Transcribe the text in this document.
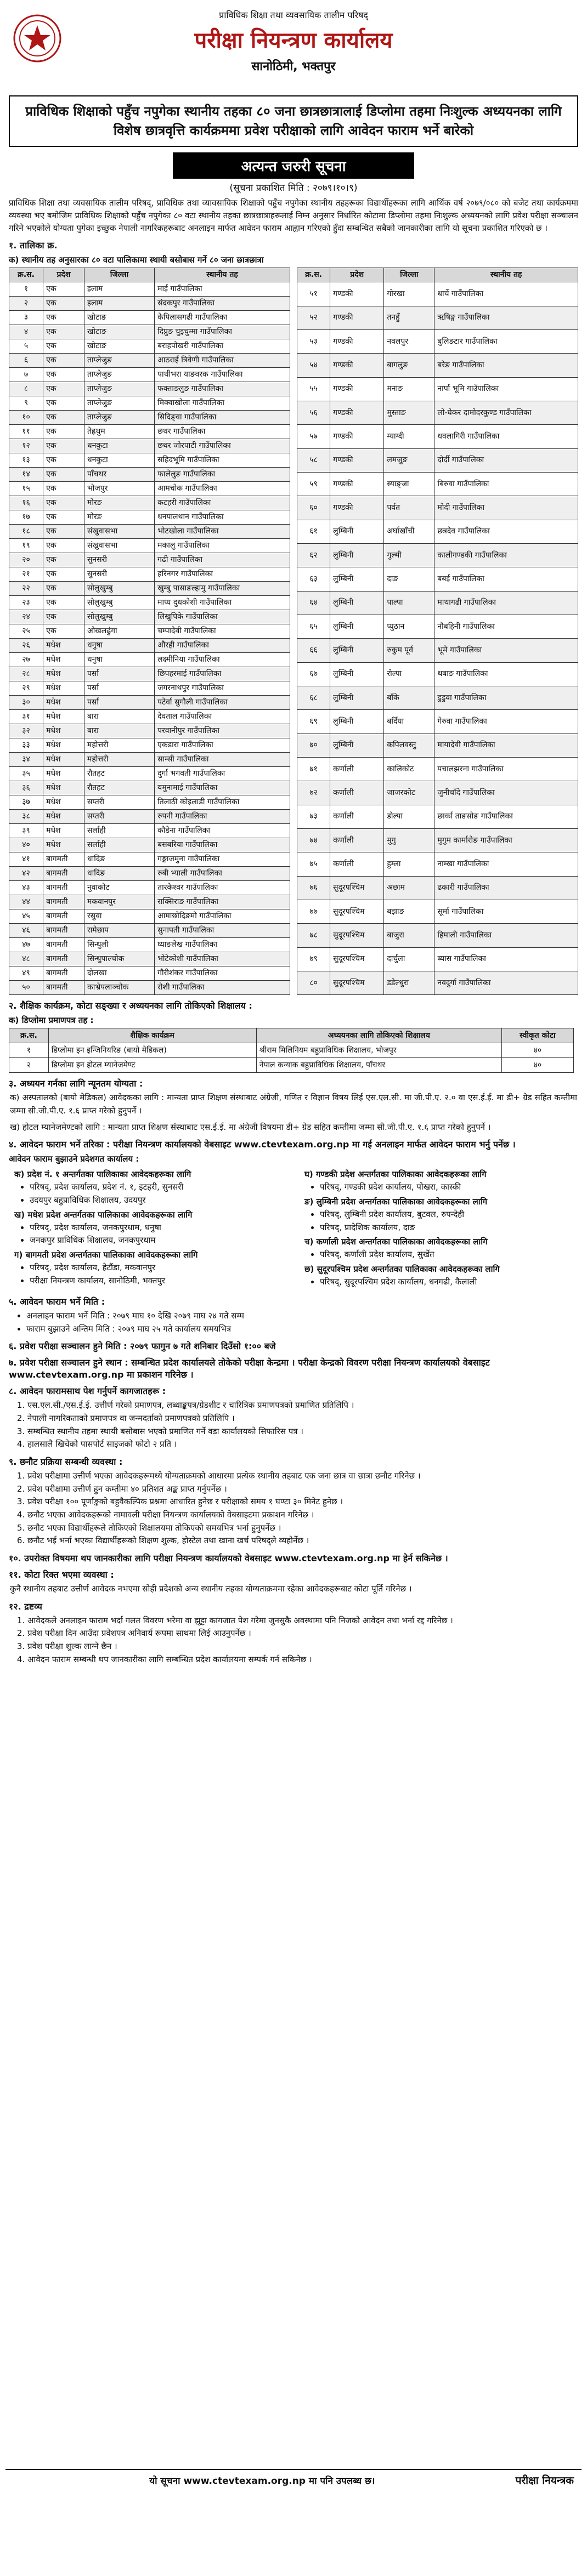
प्राविधिक शिक्षा तथा व्यवसायिक तालीम परिषद्
परीक्षा नियन्त्रण कार्यालय
सानोठिमी, भक्तपुर
प्राविधिक शिक्षाको पहुँच नपुगेका स्थानीय तहका ८० जना छात्रछात्रालाई डिप्लोमा तहमा निःशुल्क अध्ययनका लागि विशेष छात्रवृत्ति कार्यक्रममा प्रवेश परीक्षाको लागि आवेदन फाराम भर्ने बारेको
अत्यन्त जरुरी सूचना
(सूचना प्रकाशित मिति : २०७९।१०।९)
प्राविधिक शिक्षा तथा व्यवसायिक तालीम परिषद्, प्राविधिक तथा व्यावसायिक शिक्षाको पहुँच नपुगेका स्थानीय तहहरूका विद्यार्थीहरूका लागि आर्थिक वर्ष २०७९/०८० को बजेट तथा कार्यक्रममा व्यवस्था भए बमोजिम प्राविधिक शिक्षाको पहुँच नपुगेका ८० वटा स्थानीय तहका छात्रछात्राहरूलाई निम्न अनुसार निर्धारित कोटामा डिप्लोमा तहमा निःशुल्क अध्ययनको लागि प्रवेश परीक्षा सञ्चालन गरिने भएकोले योग्यता पुगेका इच्छुक नेपाली नागरिकहरूबाट अनलाइन मार्फत आवेदन फाराम आह्वान गरिएको हुँदा सम्बन्धित सबैको जानकारीका लागि यो सूचना प्रकाशित गरिएको छ ।
१. तालिका क्र.
क) स्थानीय तह अनुसारका ८० वटा पालिकामा स्थायी बसोबास गर्ने ८० जना छात्रछात्रा
क्र.स.	प्रदेश	जिल्ला	स्थानीय तह
१	एक	इलाम	माई गाउँपालिका
२	एक	इलाम	संदकपुर गाउँपालिका
३	एक	खोटाङ	केपिलासगढी गाउँपालिका
४	एक	खोटाङ	दिप्रुङ चुइचुम्मा गाउँपालिका
५	एक	खोटाङ	बराहपोखरी गाउँपालिका
६	एक	ताप्लेजुङ	आठराई त्रिवेणी गाउँपालिका
७	एक	ताप्लेजुङ	पाथीभरा याङवरक गाउँपालिका
८	एक	ताप्लेजुङ	फक्ताङलुङ गाउँपालिका
९	एक	ताप्लेजुङ	मिक्वाखोला गाउँपालिका
१०	एक	ताप्लेजुङ	सिदिङ्वा गाउँपालिका
११	एक	तेह्रथुम	छथर गाउँपालिका
१२	एक	धनकुटा	छथर जोरपाटी गाउँपालिका
१३	एक	धनकुटा	सहिदभूमि गाउँपालिका
१४	एक	पाँचथर	फालेलुङ गाउँपालिका
१५	एक	भोजपुर	आमचोक गाउँपालिका
१६	एक	मोरङ	कटहरी गाउँपालिका
१७	एक	मोरङ	धनपालथान गाउँपालिका
१८	एक	संखुवासभा	भोटखोला गाउँपालिका
१९	एक	संखुवासभा	मकालु गाउँपालिका
२०	एक	सुनसरी	गढी गाउँपालिका
२१	एक	सुनसरी	हरिनगर गाउँपालिका
२२	एक	सोलुखुम्बु	खुम्बु पासाङल्हामु गाउँपालिका
२३	एक	सोलुखुम्बु	माप्य दुधकोशी गाउँपालिका
२४	एक	सोलुखुम्बु	लिखुपिके गाउँपालिका
२५	एक	ओखलढुंगा	चम्पादेवी गाउँपालिका
२६	मधेश	धनुषा	औरही गाउँपालिका
२७	मधेश	धनुषा	लक्ष्मीनिया गाउँपालिका
२८	मधेश	पर्सा	छिपहरमाई गाउँपालिका
२९	मधेश	पर्सा	जगरनाथपुर गाउँपालिका
३०	मधेश	पर्सा	पटेर्वा सुगौली गाउँपालिका
३१	मधेश	बारा	देवताल गाउँपालिका
३२	मधेश	बारा	परवानीपुर गाउँपालिका
३३	मधेश	महोत्तरी	एकडारा गाउँपालिका
३४	मधेश	महोत्तरी	साम्सी गाउँपालिका
३५	मधेश	रौतहट	दुर्गा भगवती गाउँपालिका
३६	मधेश	रौतहट	यमुनामाई गाउँपालिका
३७	मधेश	सप्तरी	तिलाठी कोइलाडी गाउँपालिका
३८	मधेश	सप्तरी	रुपनी गाउँपालिका
३९	मधेश	सर्लाही	कौडेना गाउँपालिका
४०	मधेश	सर्लाही	बसबरिया गाउँपालिका
४१	बागमती	धादिङ	गङ्गाजमुना गाउँपालिका
४२	बागमती	धादिङ	रुबी भ्याली गाउँपालिका
४३	बागमती	नुवाकोट	तारकेश्वर गाउँपालिका
४४	बागमती	मकवानपुर	राक्सिराङ गाउँपालिका
४५	बागमती	रसुवा	आमाछोदिङमो गाउँपालिका
४६	बागमती	रामेछाप	सुनापती गाउँपालिका
४७	बागमती	सिन्धुली	घ्याङलेख गाउँपालिका
४८	बागमती	सिन्धुपाल्चोक	भोटेकोशी गाउँपालिका
४९	बागमती	दोलखा	गौरीशंकर गाउँपालिका
५०	बागमती	काभ्रेपलाञ्चोक	रोशी गाउँपालिका
क्र.स.	प्रदेश	जिल्ला	स्थानीय तह
५१	गण्डकी	गोरखा	धार्चे गाउँपालिका
५२	गण्डकी	तनहुँ	ऋषिङ्ग गाउँपालिका
५३	गण्डकी	नवलपुर	बुलिङटार गाउँपालिका
५४	गण्डकी	बागलुङ	बरेङ गाउँपालिका
५५	गण्डकी	मनाङ	नार्पा भूमि गाउँपालिका
५६	गण्डकी	मुस्ताङ	लो-घेकर दामोदरकुण्ड गाउँपालिका
५७	गण्डकी	म्याग्दी	धवलागिरी गाउँपालिका
५८	गण्डकी	लमजुङ	दोर्दी गाउँपालिका
५९	गण्डकी	स्याङ्जा	बिरुवा गाउँपालिका
६०	गण्डकी	पर्वत	मोदी गाउँपालिका
६१	लुम्बिनी	अर्घाखाँची	छत्रदेव गाउँपालिका
६२	लुम्बिनी	गुल्मी	कालीगण्डकी गाउँपालिका
६३	लुम्बिनी	दाङ	बबई गाउँपालिका
६४	लुम्बिनी	पाल्पा	माथागढी गाउँपालिका
६५	लुम्बिनी	प्युठान	नौबहिनी गाउँपालिका
६६	लुम्बिनी	रुकुम पूर्व	भूमे गाउँपालिका
६७	लुम्बिनी	रोल्पा	थबाङ गाउँपालिका
६८	लुम्बिनी	बाँके	डुडुवा गाउँपालिका
६९	लुम्बिनी	बर्दिया	गेरुवा गाउँपालिका
७०	लुम्बिनी	कपिलवस्तु	मायादेवी गाउँपालिका
७१	कर्णाली	कालिकोट	पचालझरना गाउँपालिका
७२	कर्णाली	जाजरकोट	जुनीचाँदे गाउँपालिका
७३	कर्णाली	डोल्पा	छार्का ताङसोङ गाउँपालिका
७४	कर्णाली	मुगु	मुगुम कार्मारोङ गाउँपालिका
७५	कर्णाली	हुम्ला	नाम्खा गाउँपालिका
७६	सुदूरपश्चिम	अछाम	ढकारी गाउँपालिका
७७	सुदूरपश्चिम	बझाङ	सूर्मा गाउँपालिका
७८	सुदूरपश्चिम	बाजुरा	हिमाली गाउँपालिका
७९	सुदूरपश्चिम	दार्चुला	ब्यास गाउँपालिका
८०	सुदूरपश्चिम	डडेल्धुरा	नवदुर्गा गाउँपालिका
२. शैक्षिक कार्यक्रम, कोटा सङ्ख्या र अध्ययनका लागि तोकिएको शिक्षालय :
क) डिप्लोमा प्रमाणपत्र तह :
क्र.स.	शैक्षिक कार्यक्रम	अध्ययनका लागि तोकिएको शिक्षालय	स्वीकृत कोटा
१	डिप्लोमा इन इन्जिनियरिङ (बायो मेडिकल)	श्रीराम मिलिनियम बहुप्राविधिक शिक्षालय, भोजपुर	४०
२	डिप्लोमा इन होटल म्यानेजमेण्ट	नेपाल कन्याक बहुप्राविधिक शिक्षालय, पाँचथर	४०
३. अध्ययन गर्नका लागि न्यूनतम योग्यता :
क) अस्पतालको (बायो मेडिकल) आवेदकका लागि : मान्यता प्राप्त शिक्षण संस्थाबाट अंग्रेजी, गणित र विज्ञान विषय लिई एस.एल.सी. मा जी.पी.ए. २.० वा एस.ई.ई. मा डी+ ग्रेड सहित कम्तीमा जम्मा सी.जी.पी.ए. १.६ प्राप्त गरेको हुनुपर्ने ।
ख) होटल म्यानेजमेण्टको लागि : मान्यता प्राप्त शिक्षण संस्थाबाट एस.ई.ई. मा अंग्रेजी विषयमा डी+ ग्रेड सहित कम्तीमा जम्मा सी.जी.पी.ए. १.६ प्राप्त गरेको हुनुपर्ने ।
४. आवेदन फाराम भर्ने तरिका : परीक्षा नियन्त्रण कार्यालयको वेबसाइट www.ctevtexam.org.np मा गई अनलाइन मार्फत आवेदन फाराम भर्नु पर्नेछ ।
आवेदन फाराम बुझाउने प्रदेशगत कार्यालय :
क) प्रदेश नं. १ अन्तर्गतका पालिकाका आवेदकहरूका लागि
• परिषद्, प्रदेश कार्यालय, प्रदेश नं. १, इटहरी, सुनसरी
• उदयपुर बहुप्राविधिक शिक्षालय, उदयपुर
ख) मधेश प्रदेश अन्तर्गतका पालिकाका आवेदकहरूका लागि
• परिषद्, प्रदेश कार्यालय, जनकपुरधाम, धनुषा
• जनकपुर प्राविधिक शिक्षालय, जनकपुरधाम
ग) बागमती प्रदेश अन्तर्गतका पालिकाका आवेदकहरूका लागि
• परिषद्, प्रदेश कार्यालय, हेटौंडा, मकवानपुर
• परीक्षा नियन्त्रण कार्यालय, सानोठिमी, भक्तपुर
घ) गण्डकी प्रदेश अन्तर्गतका पालिकाका आवेदकहरूका लागि
• परिषद्, गण्डकी प्रदेश कार्यालय, पोखरा, कास्की
ङ) लुम्बिनी प्रदेश अन्तर्गतका पालिकाका आवेदकहरूका लागि
• परिषद्, लुम्बिनी प्रदेश कार्यालय, बुटवल, रुपन्देही
• परिषद्, प्रादेशिक कार्यालय, दाङ
च) कर्णाली प्रदेश अन्तर्गतका पालिकाका आवेदकहरूका लागि
• परिषद्, कर्णाली प्रदेश कार्यालय, सुर्खेत
छ) सुदूरपश्चिम प्रदेश अन्तर्गतका पालिकाका आवेदकहरूका लागि
• परिषद्, सुदूरपश्चिम प्रदेश कार्यालय, धनगढी, कैलाली
५. आवेदन फाराम भर्ने मिति :
• अनलाइन फाराम भर्ने मिति : २०७९ माघ १० देखि २०७९ माघ २४ गते सम्म
• फाराम बुझाउने अन्तिम मिति : २०७९ माघ २५ गते कार्यालय समयभित्र
६. प्रवेश परीक्षा सञ्चालन हुने मिति : २०७९ फागुन ७ गते शनिबार दिउँसो १:०० बजे
७. प्रवेश परीक्षा सञ्चालन हुने स्थान : सम्बन्धित प्रदेश कार्यालयले तोकेको परीक्षा केन्द्रमा । परीक्षा केन्द्रको विवरण परीक्षा नियन्त्रण कार्यालयको वेबसाइट www.ctevtexam.org.np मा प्रकाशन गरिनेछ ।
८. आवेदन फारामसाथ पेश गर्नुपर्ने कागजातहरू :
1. एस.एल.सी./एस.ई.ई. उत्तीर्ण गरेको प्रमाणपत्र, लब्धाङ्कपत्र/ग्रेडशीट र चारित्रिक प्रमाणपत्रको प्रमाणित प्रतिलिपि ।
2. नेपाली नागरिकताको प्रमाणपत्र वा जन्मदर्ताको प्रमाणपत्रको प्रतिलिपि ।
3. सम्बन्धित स्थानीय तहमा स्थायी बसोबास भएको प्रमाणित गर्ने वडा कार्यालयको सिफारिस पत्र ।
4. हालसालै खिचेको पासपोर्ट साइजको फोटो २ प्रति ।
९. छनौट प्रक्रिया सम्बन्धी व्यवस्था :
1. प्रवेश परीक्षामा उत्तीर्ण भएका आवेदकहरूमध्ये योग्यताक्रमको आधारमा प्रत्येक स्थानीय तहबाट एक जना छात्र वा छात्रा छनौट गरिनेछ ।
2. प्रवेश परीक्षामा उत्तीर्ण हुन कम्तीमा ४० प्रतिशत अङ्क प्राप्त गर्नुपर्नेछ ।
3. प्रवेश परीक्षा १०० पूर्णाङ्कको बहुवैकल्पिक प्रश्नमा आधारित हुनेछ र परीक्षाको समय १ घण्टा ३० मिनेट हुनेछ ।
4. छनौट भएका आवेदकहरूको नामावली परीक्षा नियन्त्रण कार्यालयको वेबसाइटमा प्रकाशन गरिनेछ ।
5. छनौट भएका विद्यार्थीहरूले तोकिएको शिक्षालयमा तोकिएको समयभित्र भर्ना हुनुपर्नेछ ।
6. छनौट भई भर्ना भएका विद्यार्थीहरूको शिक्षण शुल्क, होस्टेल तथा खाना खर्च परिषद्ले व्यहोर्नेछ ।
१०. उपरोक्त विषयमा थप जानकारीका लागि परीक्षा नियन्त्रण कार्यालयको वेबसाइट www.ctevtexam.org.np मा हेर्न सकिनेछ ।
११. कोटा रिक्त भएमा व्यवस्था :
कुनै स्थानीय तहबाट उत्तीर्ण आवेदक नभएमा सोही प्रदेशको अन्य स्थानीय तहका योग्यताक्रममा रहेका आवेदकहरूबाट कोटा पूर्ति गरिनेछ ।
१२. द्रष्टव्य
1. आवेदकले अनलाइन फाराम भर्दा गलत विवरण भरेमा वा झुट्टा कागजात पेश गरेमा जुनसुकै अवस्थामा पनि निजको आवेदन तथा भर्ना रद्द गरिनेछ ।
2. प्रवेश परीक्षा दिन आउँदा प्रवेशपत्र अनिवार्य रूपमा साथमा लिई आउनुपर्नेछ ।
3. प्रवेश परीक्षा शुल्क लाग्ने छैन ।
4. आवेदन फाराम सम्बन्धी थप जानकारीका लागि सम्बन्धित प्रदेश कार्यालयमा सम्पर्क गर्न सकिनेछ ।
यो सूचना www.ctevtexam.org.np मा पनि उपलब्ध छ।	परीक्षा नियन्त्रक
